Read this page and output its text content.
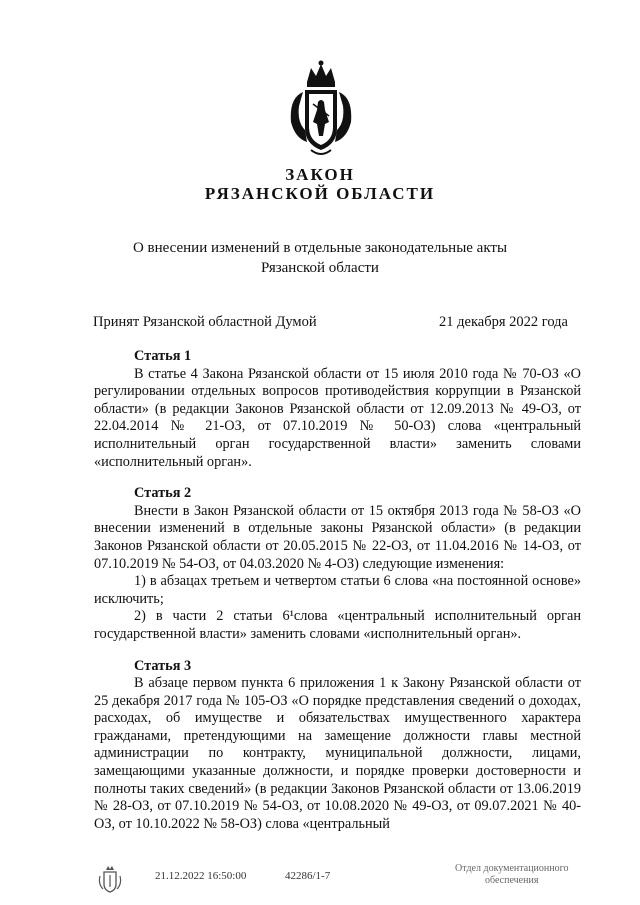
ЗАКОН
РЯЗАНСКОЙ ОБЛАСТИ
О внесении изменений в отдельные законодательные акты
Рязанской области
Принят Рязанской областной Думой	21 декабря 2022 года
Статья 1

В статье 4 Закона Рязанской области от 15 июля 2010 года № 70-ОЗ «О регулировании отдельных вопросов противодействия коррупции в Рязанской области» (в редакции Законов Рязанской области от 12.09.2013 № 49-ОЗ, от 22.04.2014 № 21-ОЗ, от 07.10.2019 № 50-ОЗ) слова «центральный исполнительный орган государственной власти» заменить словами «исполнительный орган».

Статья 2

Внести в Закон Рязанской области от 15 октября 2013 года № 58-ОЗ «О внесении изменений в отдельные законы Рязанской области» (в редакции Законов Рязанской области от 20.05.2015 № 22-ОЗ, от 11.04.2016 № 14-ОЗ, от 07.10.2019 № 54-ОЗ, от 04.03.2020 № 4-ОЗ) следующие изменения:

1) в абзацах третьем и четвертом статьи 6 слова «на постоянной основе» исключить;

2) в части 2 статьи 6¹слова «центральный исполнительный орган государственной власти» заменить словами «исполнительный орган».

Статья 3

В абзаце первом пункта 6 приложения 1 к Закону Рязанской области от 25 декабря 2017 года № 105-ОЗ «О порядке представления сведений о доходах, расходах, об имуществе и обязательствах имущественного характера гражданами, претендующими на замещение должности главы местной администрации по контракту, муниципальной должности, лицами, замещающими указанные должности, и порядке проверки достоверности и полноты таких сведений» (в редакции Законов Рязанской области от 13.06.2019 № 28-ОЗ, от 07.10.2019 № 54-ОЗ, от 10.08.2020 № 49-ОЗ, от 09.07.2021 № 40-ОЗ, от 10.10.2022 № 58-ОЗ) слова «центральный

21.12.2022 16:50:00	42286/1-7
Отдел документационного
обеспечения
